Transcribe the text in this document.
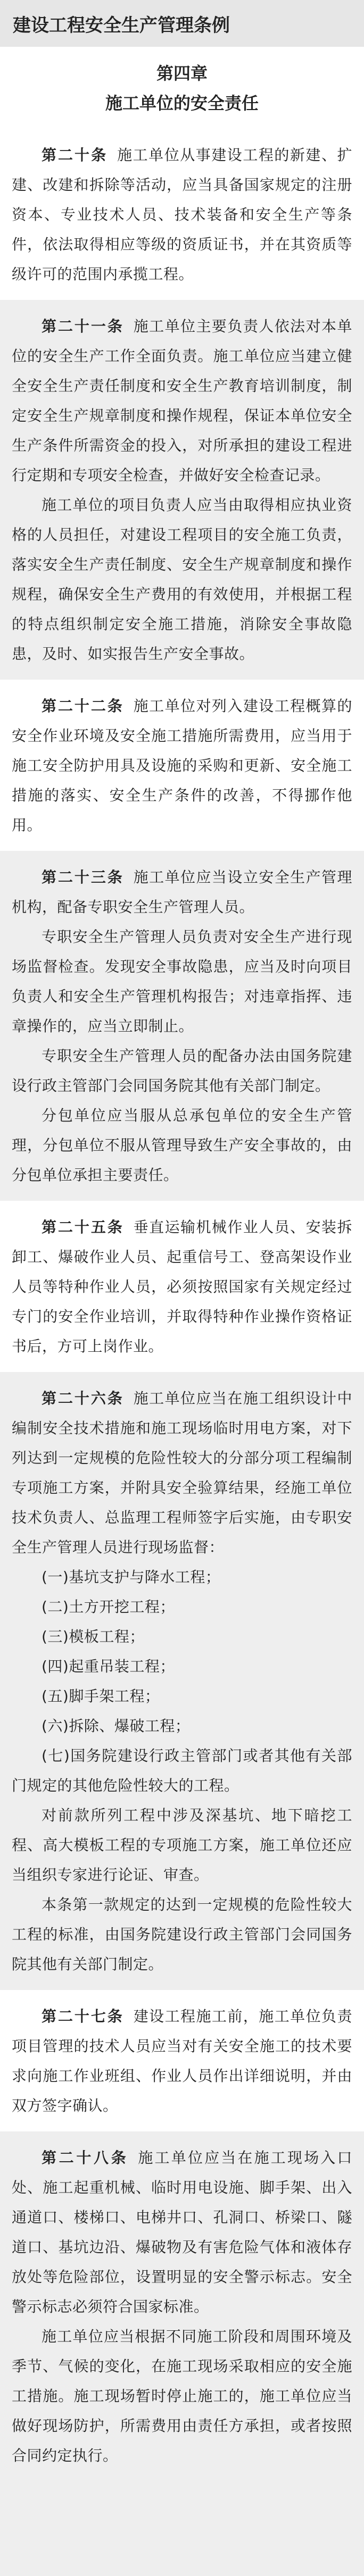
建设工程安全生产管理条例
第四章
施工单位的安全责任

第二十条 施工单位从事建设工程的新建、扩建、改建和拆除等活动，应当具备国家规定的注册资本、专业技术人员、技术装备和安全生产等条件，依法取得相应等级的资质证书，并在其资质等级许可的范围内承揽工程。

第二十一条 施工单位主要负责人依法对本单位的安全生产工作全面负责。施工单位应当建立健全安全生产责任制度和安全生产教育培训制度，制定安全生产规章制度和操作规程，保证本单位安全生产条件所需资金的投入，对所承担的建设工程进行定期和专项安全检查，并做好安全检查记录。

施工单位的项目负责人应当由取得相应执业资格的人员担任，对建设工程项目的安全施工负责，落实安全生产责任制度、安全生产规章制度和操作规程，确保安全生产费用的有效使用，并根据工程的特点组织制定安全施工措施，消除安全事故隐患，及时、如实报告生产安全事故。

第二十二条 施工单位对列入建设工程概算的安全作业环境及安全施工措施所需费用，应当用于施工安全防护用具及设施的采购和更新、安全施工措施的落实、安全生产条件的改善，不得挪作他用。

第二十三条 施工单位应当设立安全生产管理机构，配备专职安全生产管理人员。

专职安全生产管理人员负责对安全生产进行现场监督检查。发现安全事故隐患，应当及时向项目负责人和安全生产管理机构报告；对违章指挥、违章操作的，应当立即制止。

专职安全生产管理人员的配备办法由国务院建设行政主管部门会同国务院其他有关部门制定。

分包单位应当服从总承包单位的安全生产管理，分包单位不服从管理导致生产安全事故的，由分包单位承担主要责任。

第二十五条 垂直运输机械作业人员、安装拆卸工、爆破作业人员、起重信号工、登高架设作业人员等特种作业人员，必须按照国家有关规定经过专门的安全作业培训，并取得特种作业操作资格证书后，方可上岗作业。

第二十六条 施工单位应当在施工组织设计中编制安全技术措施和施工现场临时用电方案，对下列达到一定规模的危险性较大的分部分项工程编制专项施工方案，并附具安全验算结果，经施工单位技术负责人、总监理工程师签字后实施，由专职安全生产管理人员进行现场监督：

(一)基坑支护与降水工程；

(二)土方开挖工程；

(三)模板工程；

(四)起重吊装工程；

(五)脚手架工程；

(六)拆除、爆破工程；

(七)国务院建设行政主管部门或者其他有关部门规定的其他危险性较大的工程。

对前款所列工程中涉及深基坑、地下暗挖工程、高大模板工程的专项施工方案，施工单位还应当组织专家进行论证、审查。

本条第一款规定的达到一定规模的危险性较大工程的标准，由国务院建设行政主管部门会同国务院其他有关部门制定。

第二十七条 建设工程施工前，施工单位负责项目管理的技术人员应当对有关安全施工的技术要求向施工作业班组、作业人员作出详细说明，并由双方签字确认。

第二十八条 施工单位应当在施工现场入口处、施工起重机械、临时用电设施、脚手架、出入通道口、楼梯口、电梯井口、孔洞口、桥梁口、隧道口、基坑边沿、爆破物及有害危险气体和液体存放处等危险部位，设置明显的安全警示标志。安全警示标志必须符合国家标准。

施工单位应当根据不同施工阶段和周围环境及季节、气候的变化，在施工现场采取相应的安全施工措施。施工现场暂时停止施工的，施工单位应当做好现场防护，所需费用由责任方承担，或者按照合同约定执行。
